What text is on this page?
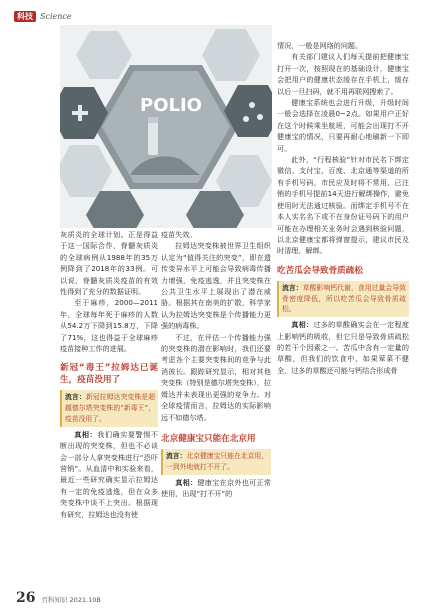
科技 Science
POLIO

灰质炎的全球计划。正是得益于这一国际合作，脊髓灰质炎的全球病例从1988年的35万例降到了2018年的33例。可以说，脊髓灰质炎疫苗的有效性得到了充分的数据证明。

至于麻疹，2000—2011年，全球每年死于麻疹的人数从54.2万下降到15.8万，下降了71%，这也得益于全球麻疹疫苗接种工作的进展。

新冠“毒王”拉姆达已诞生，疫苗没用了
流言：新冠拉姆达突变株是超越德尔塔突变株的“新毒王”，疫苗没用了。

真相：我们确实要警惕不断出现的突变株，但也不必谈会一部分人拿突变株进行“恐吓营销”。从血清中和实验来看，最近一些研究确实显示拉姆达有一定的免疫逃逸，但在众多突变株中谈不上突出。根据现有研究，拉姆达也没有使

疫苗失效。

拉姆达突变株被世界卫生组织认定为“值得关注的突变”，即在遗传变异水平上可能会导致病毒传播力增强、免疫逃逸，并且突变株在公共卫生水平上展现出了潜在威胁。根据其在南美的扩散，科学家认为拉姆达突变株是个传播能力更强的病毒株。

不过，在评估一个传播能力强的突变株的潜在影响时，我们还要考虑各个主要突变株间的竞争与此消彼长。跟踪研究显示，相对其他突变株（特别是德尔塔突变株），拉姆达并未表现出更强的竞争力。对全球疫情而言，拉姆达的实际影响远不如德尔塔。

北京健康宝只能在北京用
流言：北京健康宝只能在北京用，一到外地就打不开了。

真相：健康宝在京外也可正常使用，出现“打不开”的

情况，一般是网络的问题。

有关部门建议人们每天提前把健康宝打开一次，按照现在的基础设计，健康宝会把用户的健康状态缓存在手机上，缓存以后一旦扫码，就不用再联网搜索了。

健康宝系统也会进行升级，升级时间一般会选择在凌晨0~2点。如果用户正好在这个时候乘坐航班，可能会出现打不开健康宝的情况，只要再耐心地刷新一下即可。

此外，“行程核验”针对市民名下绑定微信、支付宝、百度、北京通等渠道的所有手机号码，市民应及时将不常用、已注销的手机号提前14天进行解绑操作，避免使用时无法通过核验。而绑定手机号不在本人实名名下或不在身份证号码下的用户可能在办理相关业务时会遇到核验问题，以北京健康宝都将弹窗提示，建议市民及时清理、解绑。

吃苦瓜会导致骨质疏松
流言：草酸影响钙代谢，食用过量会导致骨密度降低，所以吃苦瓜会导致骨质疏松。

真相：过多的草酸确实会在一定程度上影响钙的吸收，但它只是导致骨质疏松的若干个因素之一。苦瓜中含有一定量的草酸，但我们的饮食中，如果荤菜不健全，过多的草酸还可能与钙结合形成骨

26 百科知识 2021.10B
